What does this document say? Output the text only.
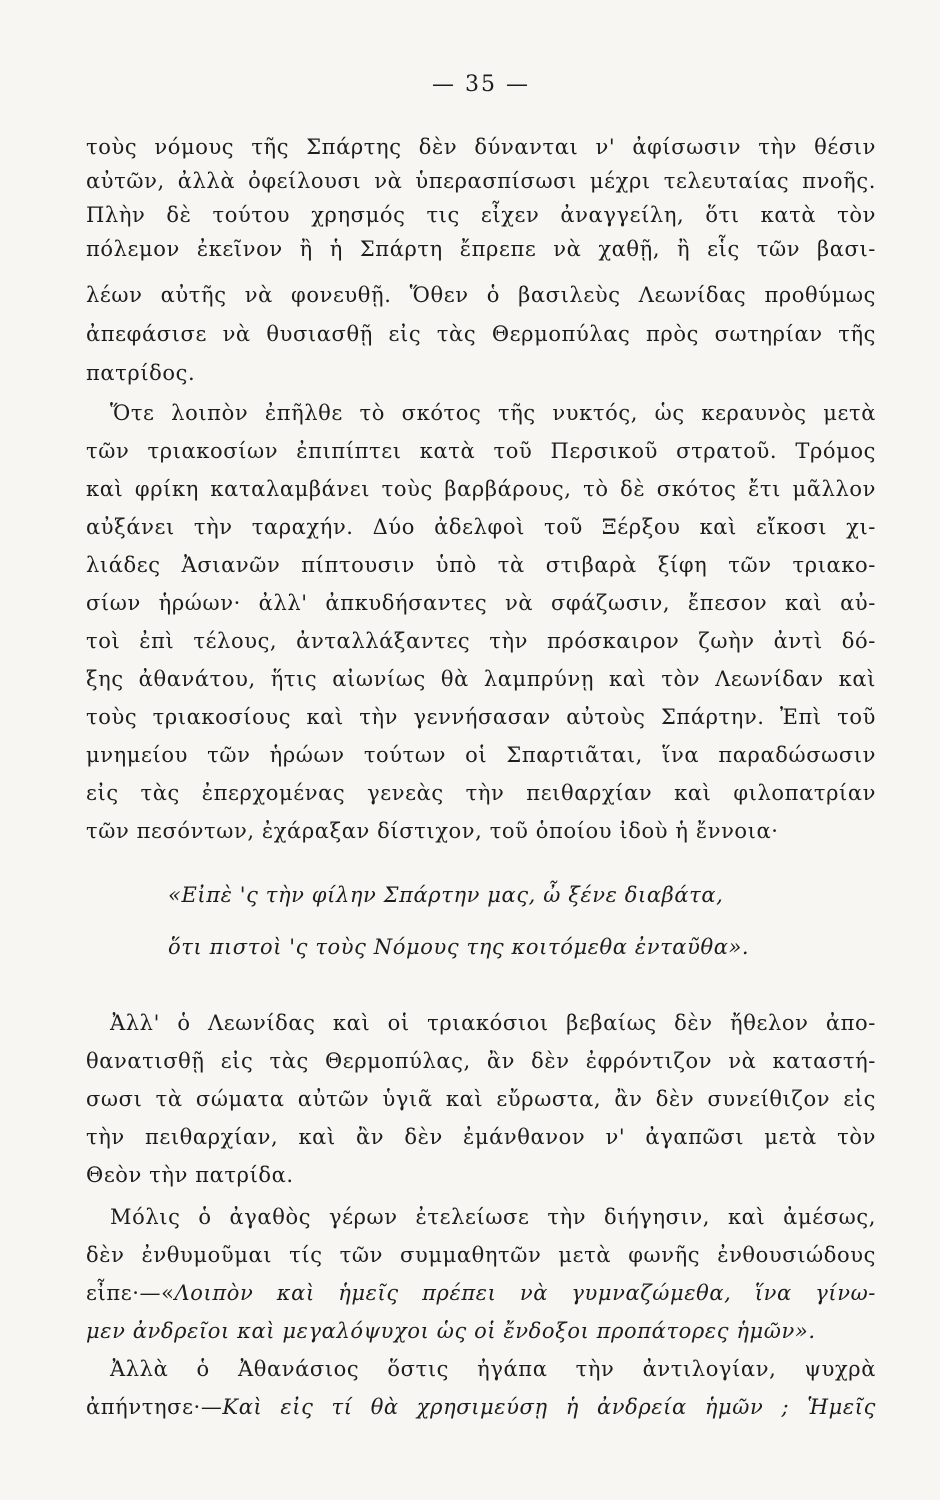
— 35 —
τοὺς νόμους τῆς Σπάρτης δὲν δύνανται ν' ἀφίσωσιν τὴν θέσιν
αὐτῶν, ἀλλὰ ὀφείλουσι νὰ ὑπερασπίσωσι μέχρι τελευταίας πνοῆς.
Πλὴν δὲ τούτου χρησμός τις εἶχεν ἀναγγείλη, ὅτι κατὰ τὸν
πόλεμον ἐκεῖνον ἢ ἡ Σπάρτη ἔπρεπε νὰ χαθῇ, ἢ εἷς τῶν βασι-
λέων αὐτῆς νὰ φονευθῇ. Ὅθεν ὁ βασιλεὺς Λεωνίδας προθύμως
ἀπεφάσισε νὰ θυσιασθῇ εἰς τὰς Θερμοπύλας πρὸς σωτηρίαν τῆς
πατρίδος.
Ὅτε λοιπὸν ἐπῆλθε τὸ σκότος τῆς νυκτός, ὡς κεραυνὸς μετὰ
τῶν τριακοσίων ἐπιπίπτει κατὰ τοῦ Περσικοῦ στρατοῦ. Τρόμος
καὶ φρίκη καταλαμβάνει τοὺς βαρβάρους, τὸ δὲ σκότος ἔτι μᾶλλον
αὐξάνει τὴν ταραχήν. Δύο ἀδελφοὶ τοῦ Ξέρξου καὶ εἴκοσι χι-
λιάδες Ἀσιανῶν πίπτουσιν ὑπὸ τὰ στιβαρὰ ξίφη τῶν τριακο-
σίων ἡρώων· ἀλλ' ἀπκυδήσαντες νὰ σφάζωσιν, ἔπεσον καὶ αὐ-
τοὶ ἐπὶ τέλους, ἀνταλλάξαντες τὴν πρόσκαιρον ζωὴν ἀντὶ δό-
ξης ἀθανάτου, ἥτις αἰωνίως θὰ λαμπρύνῃ καὶ τὸν Λεωνίδαν καὶ
τοὺς τριακοσίους καὶ τὴν γεννήσασαν αὐτοὺς Σπάρτην. Ἐπὶ τοῦ
μνημείου τῶν ἡρώων τούτων οἱ Σπαρτιᾶται, ἵνα παραδώσωσιν
εἰς τὰς ἐπερχομένας γενεὰς τὴν πειθαρχίαν καὶ φιλοπατρίαν
τῶν πεσόντων, ἐχάραξαν δίστιχον, τοῦ ὁποίου ἰδοὺ ἡ ἔννοια·
«Εἰπὲ 'ς τὴν φίλην Σπάρτην μας, ὦ ξένε διαβάτα,
ὅτι πιστοὶ 'ς τοὺς Νόμους της κοιτόμεθα ἐνταῦθα».
Ἀλλ' ὁ Λεωνίδας καὶ οἱ τριακόσιοι βεβαίως δὲν ἤθελον ἀπο-
θανατισθῇ εἰς τὰς Θερμοπύλας, ἂν δὲν ἐφρόντιζον νὰ καταστή-
σωσι τὰ σώματα αὐτῶν ὑγιᾶ καὶ εὔρωστα, ἂν δὲν συνείθιζον εἰς
τὴν πειθαρχίαν, καὶ ἂν δὲν ἐμάνθανον ν' ἀγαπῶσι μετὰ τὸν
Θεὸν τὴν πατρίδα.
Μόλις ὁ ἀγαθὸς γέρων ἐτελείωσε τὴν διήγησιν, καὶ ἀμέσως,
δὲν ἐνθυμοῦμαι τίς τῶν συμμαθητῶν μετὰ φωνῆς ἐνθουσιώδους
εἶπε·—«Λοιπὸν καὶ ἡμεῖς πρέπει νὰ γυμναζώμεθα, ἵνα γίνω-
μεν ἀνδρεῖοι καὶ μεγαλόψυχοι ὡς οἱ ἔνδοξοι προπάτορες ἡμῶν».
Ἀλλὰ ὁ Ἀθανάσιος ὅστις ἠγάπα τὴν ἀντιλογίαν, ψυχρὰ
ἀπήντησε·—Καὶ εἰς τί θὰ χρησιμεύσῃ ἡ ἀνδρεία ἡμῶν ; Ἡμεῖς
